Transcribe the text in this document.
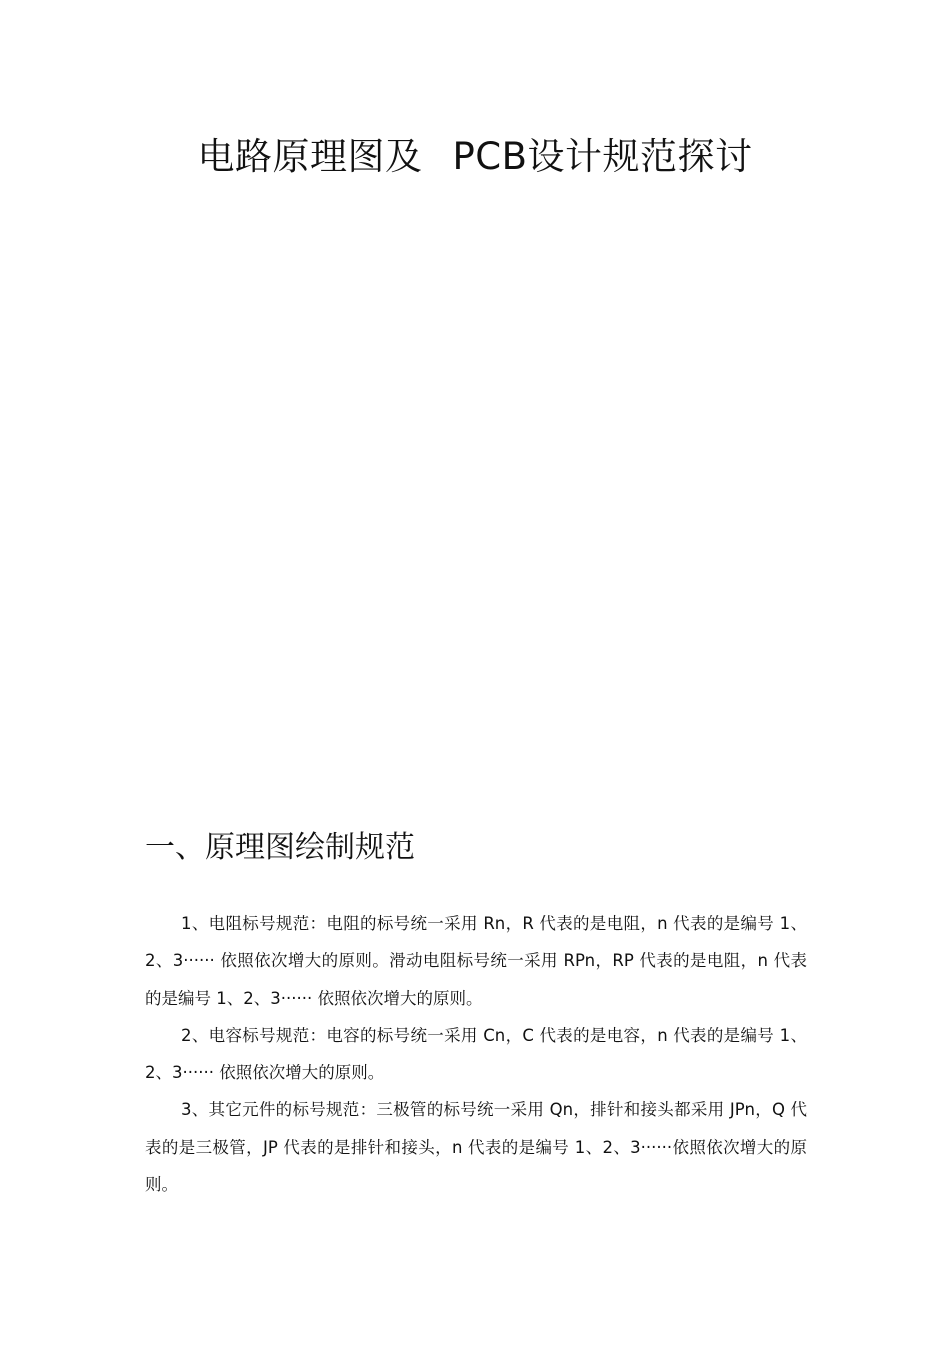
电路原理图及 PCB设计规范探讨
一、原理图绘制规范

1、电阻标号规范：电阻的标号统一采用 Rn，R 代表的是电阻，n 代表的是编号 1、2、3······ 依照依次增大的原则。滑动电阻标号统一采用 RPn，RP 代表的是电阻，n 代表的是编号 1、2、3······ 依照依次增大的原则。

2、电容标号规范：电容的标号统一采用 Cn，C 代表的是电容，n 代表的是编号 1、2、3······ 依照依次增大的原则。

3、其它元件的标号规范：三极管的标号统一采用 Qn，排针和接头都采用 JPn，Q 代表的是三极管，JP 代表的是排针和接头，n 代表的是编号 1、2、3······依照依次增大的原则。
